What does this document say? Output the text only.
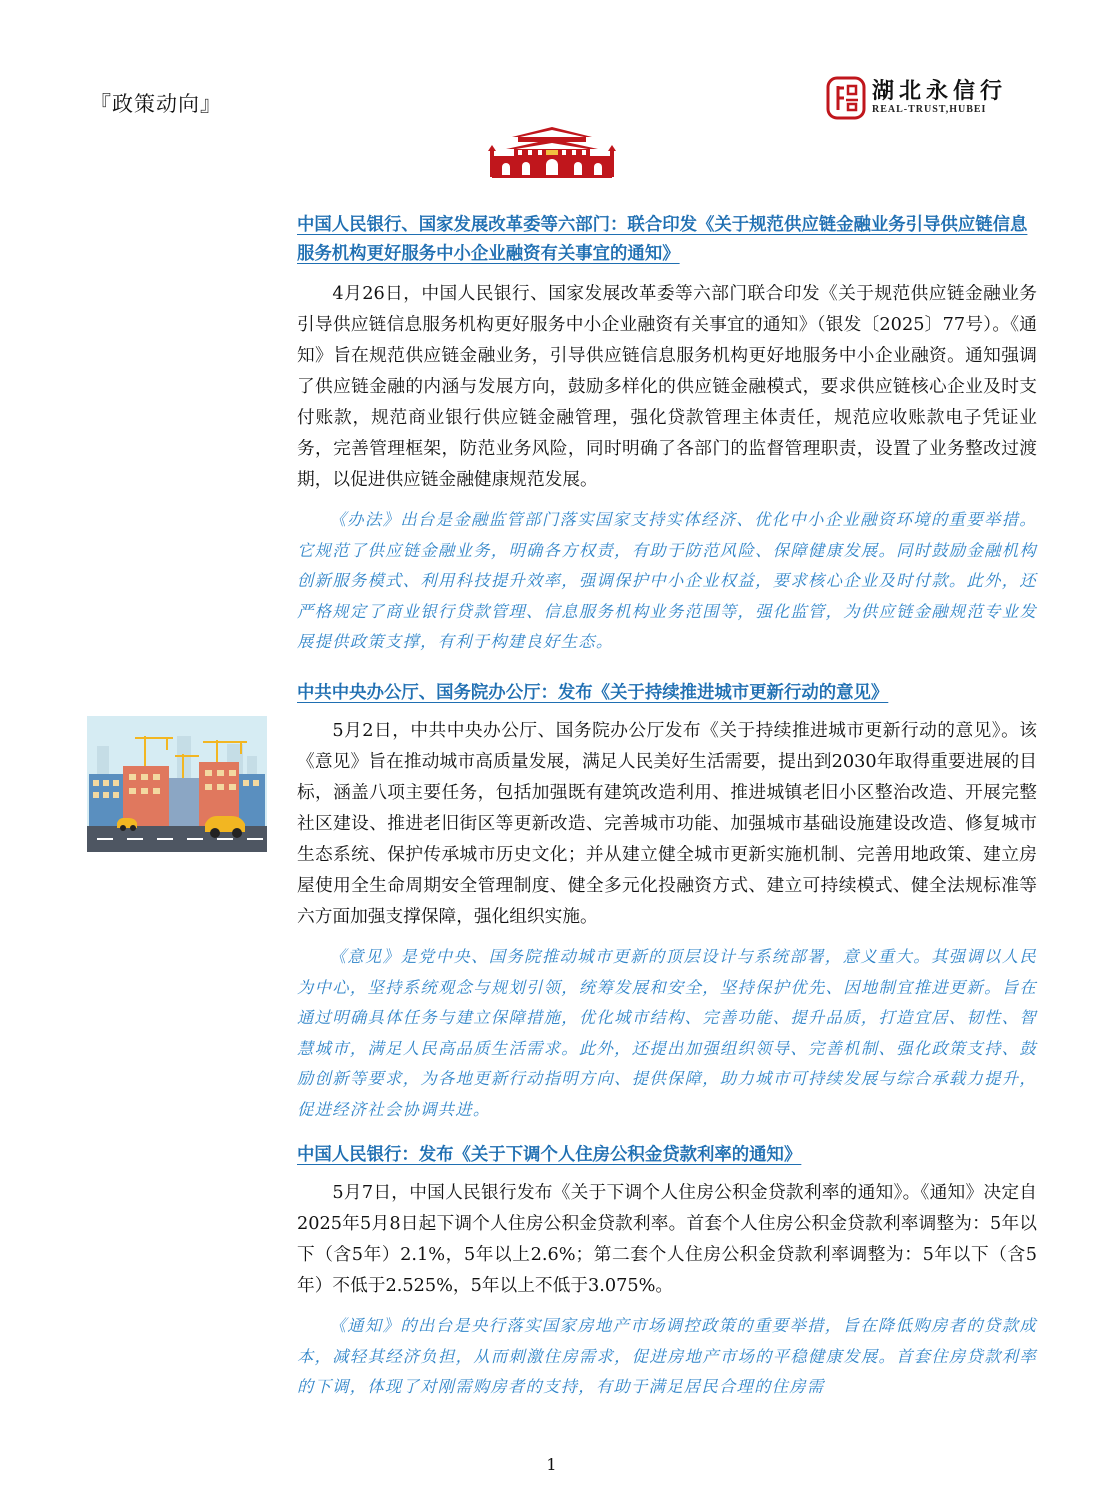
『政策动向』	湖北永信行
REAL-TRUST,HUBEI

中国人民银行、国家发展改革委等六部门：联合印发《关于规范供应链金融业务引导供应链信息服务机构更好服务中小企业融资有关事宜的通知》

4月26日，中国人民银行、国家发展改革委等六部门联合印发《关于规范供应链金融业务引导供应链信息服务机构更好服务中小企业融资有关事宜的通知》（银发〔2025〕77号）。《通知》旨在规范供应链金融业务，引导供应链信息服务机构更好地服务中小企业融资。通知强调了供应链金融的内涵与发展方向，鼓励多样化的供应链金融模式，要求供应链核心企业及时支付账款，规范商业银行供应链金融管理，强化贷款管理主体责任，规范应收账款电子凭证业务，完善管理框架，防范业务风险，同时明确了各部门的监督管理职责，设置了业务整改过渡期，以促进供应链金融健康规范发展。

《办法》出台是金融监管部门落实国家支持实体经济、优化中小企业融资环境的重要举措。它规范了供应链金融业务，明确各方权责，有助于防范风险、保障健康发展。同时鼓励金融机构创新服务模式、利用科技提升效率，强调保护中小企业权益，要求核心企业及时付款。此外，还严格规定了商业银行贷款管理、信息服务机构业务范围等，强化监管，为供应链金融规范专业发展提供政策支撑，有利于构建良好生态。

中共中央办公厅、国务院办公厅：发布《关于持续推进城市更新行动的意见》

5月2日，中共中央办公厅、国务院办公厅发布《关于持续推进城市更新行动的意见》。该《意见》旨在推动城市高质量发展，满足人民美好生活需要，提出到2030年取得重要进展的目标，涵盖八项主要任务，包括加强既有建筑改造利用、推进城镇老旧小区整治改造、开展完整社区建设、推进老旧街区等更新改造、完善城市功能、加强城市基础设施建设改造、修复城市生态系统、保护传承城市历史文化；并从建立健全城市更新实施机制、完善用地政策、建立房屋使用全生命周期安全管理制度、健全多元化投融资方式、建立可持续模式、健全法规标准等六方面加强支撑保障，强化组织实施。

《意见》是党中央、国务院推动城市更新的顶层设计与系统部署，意义重大。其强调以人民为中心，坚持系统观念与规划引领，统筹发展和安全，坚持保护优先、因地制宜推进更新。旨在通过明确具体任务与建立保障措施，优化城市结构、完善功能、提升品质，打造宜居、韧性、智慧城市，满足人民高品质生活需求。此外，还提出加强组织领导、完善机制、强化政策支持、鼓励创新等要求，为各地更新行动指明方向、提供保障，助力城市可持续发展与综合承载力提升，促进经济社会协调共进。

中国人民银行：发布《关于下调个人住房公积金贷款利率的通知》

5月7日，中国人民银行发布《关于下调个人住房公积金贷款利率的通知》。《通知》决定自2025年5月8日起下调个人住房公积金贷款利率。首套个人住房公积金贷款利率调整为：5年以下（含5年）2.1%，5年以上2.6%；第二套个人住房公积金贷款利率调整为：5年以下（含5年）不低于2.525%，5年以上不低于3.075%。

《通知》的出台是央行落实国家房地产市场调控政策的重要举措，旨在降低购房者的贷款成本，减轻其经济负担，从而刺激住房需求，促进房地产市场的平稳健康发展。首套住房贷款利率的下调，体现了对刚需购房者的支持，有助于满足居民合理的住房需

1
